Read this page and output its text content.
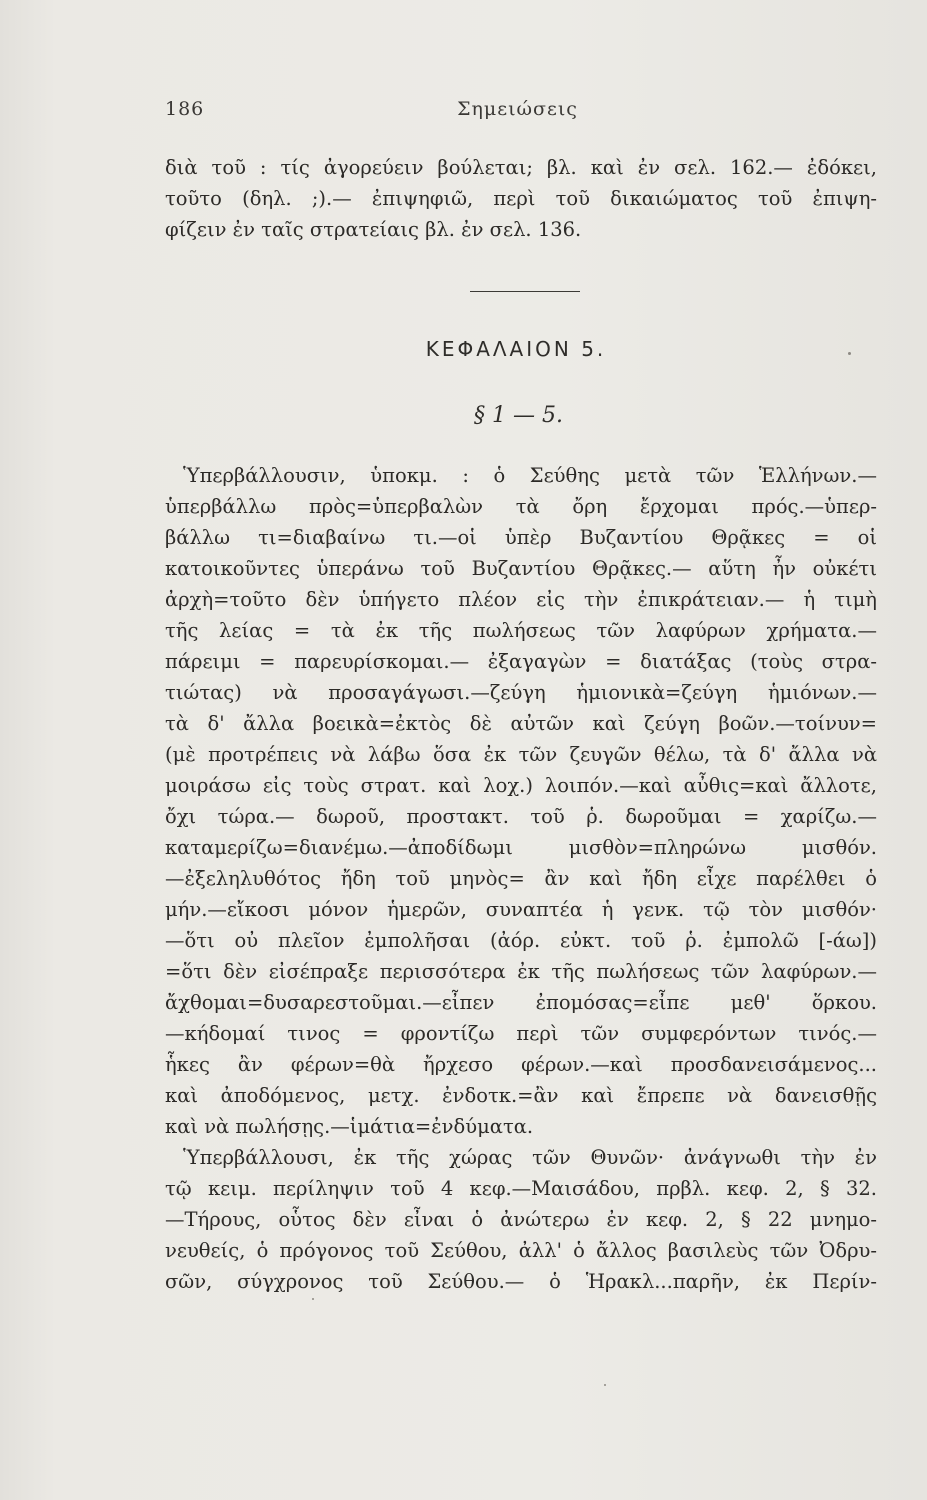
186	Σημειώσεις
διὰ τοῦ : τίς ἀγορεύειν βούλεται; βλ. καὶ ἐν σελ. 162.— ἐδόκει,
τοῦτο (δηλ. ;).— ἐπιψηφιῶ, περὶ τοῦ δικαιώματος τοῦ ἐπιψη-
φίζειν ἐν ταῖς στρατείαις βλ. ἐν σελ. 136.
ΚΕΦΑΛΑΙΟΝ 5.
§ 1 — 5.
Ὑπερβάλλουσιν, ὑποκμ. : ὁ Σεύθης μετὰ τῶν Ἑλλήνων.—
ὑπερβάλλω πρὸς=ὑπερβαλὼν τὰ ὄρη ἔρχομαι πρός.—ὑπερ-
βάλλω τι=διαβαίνω τι.—οἱ ὑπὲρ Βυζαντίου Θρᾷκες = οἱ
κατοικοῦντες ὑπεράνω τοῦ Βυζαντίου Θρᾷκες.— αὕτη ἦν οὐκέτι
ἀρχὴ=τοῦτο δὲν ὑπήγετο πλέον εἰς τὴν ἐπικράτειαν.— ἡ τιμὴ
τῆς λείας = τὰ ἐκ τῆς πωλήσεως τῶν λαφύρων χρήματα.—
πάρειμι = παρευρίσκομαι.— ἐξαγαγὼν = διατάξας (τοὺς στρα-
τιώτας) νὰ προσαγάγωσι.—ζεύγη ἡμιονικὰ=ζεύγη ἡμιόνων.—
τὰ δ' ἄλλα βοεικὰ=ἐκτὸς δὲ αὐτῶν καὶ ζεύγη βοῶν.—τοίνυν=
(μὲ προτρέπεις νὰ λάβω ὅσα ἐκ τῶν ζευγῶν θέλω, τὰ δ' ἄλλα νὰ
μοιράσω εἰς τοὺς στρατ. καὶ λοχ.) λοιπόν.—καὶ αὖθις=καὶ ἄλλοτε,
ὄχι τώρα.— δωροῦ, προστακτ. τοῦ ῥ. δωροῦμαι = χαρίζω.—
καταμερίζω=διανέμω.—ἀποδίδωμι μισθὸν=πληρώνω μισθόν.
—ἐξεληλυθότος ἤδη τοῦ μηνὸς= ἂν καὶ ἤδη εἶχε παρέλθει ὁ
μήν.—εἴκοσι μόνον ἡμερῶν, συναπτέα ἡ γενκ. τῷ τὸν μισθόν·
—ὅτι οὐ πλεῖον ἐμπολῆσαι (ἀόρ. εὐκτ. τοῦ ῥ. ἐμπολῶ [-άω])
=ὅτι δὲν εἰσέπραξε περισσότερα ἐκ τῆς πωλήσεως τῶν λαφύρων.—
ἄχθομαι=δυσαρεστοῦμαι.—εἶπεν ἐπομόσας=εἶπε μεθ' ὅρκου.
—κήδομαί τινος = φροντίζω περὶ τῶν συμφερόντων τινός.—
ἧκες ἂν φέρων=θὰ ἤρχεσο φέρων.—καὶ προσδανεισάμενος...
καὶ ἀποδόμενος, μετχ. ἐνδοτκ.=ἂν καὶ ἔπρεπε νὰ δανεισθῇς
καὶ νὰ πωλήσῃς.—ἱμάτια=ἐνδύματα.
Ὑπερβάλλουσι, ἐκ τῆς χώρας τῶν Θυνῶν· ἀνάγνωθι τὴν ἐν
τῷ κειμ. περίληψιν τοῦ 4 κεφ.—Μαισάδου, πρβλ. κεφ. 2, § 32.
—Τήρους, οὗτος δὲν εἶναι ὁ ἀνώτερω ἐν κεφ. 2, § 22 μνημο-
νευθείς, ὁ πρόγονος τοῦ Σεύθου, ἀλλ' ὁ ἄλλος βασιλεὺς τῶν Ὀδρυ-
σῶν, σύγχρονος τοῦ Σεύθου.— ὁ Ἡρακλ...παρῆν, ἐκ Περίν-
